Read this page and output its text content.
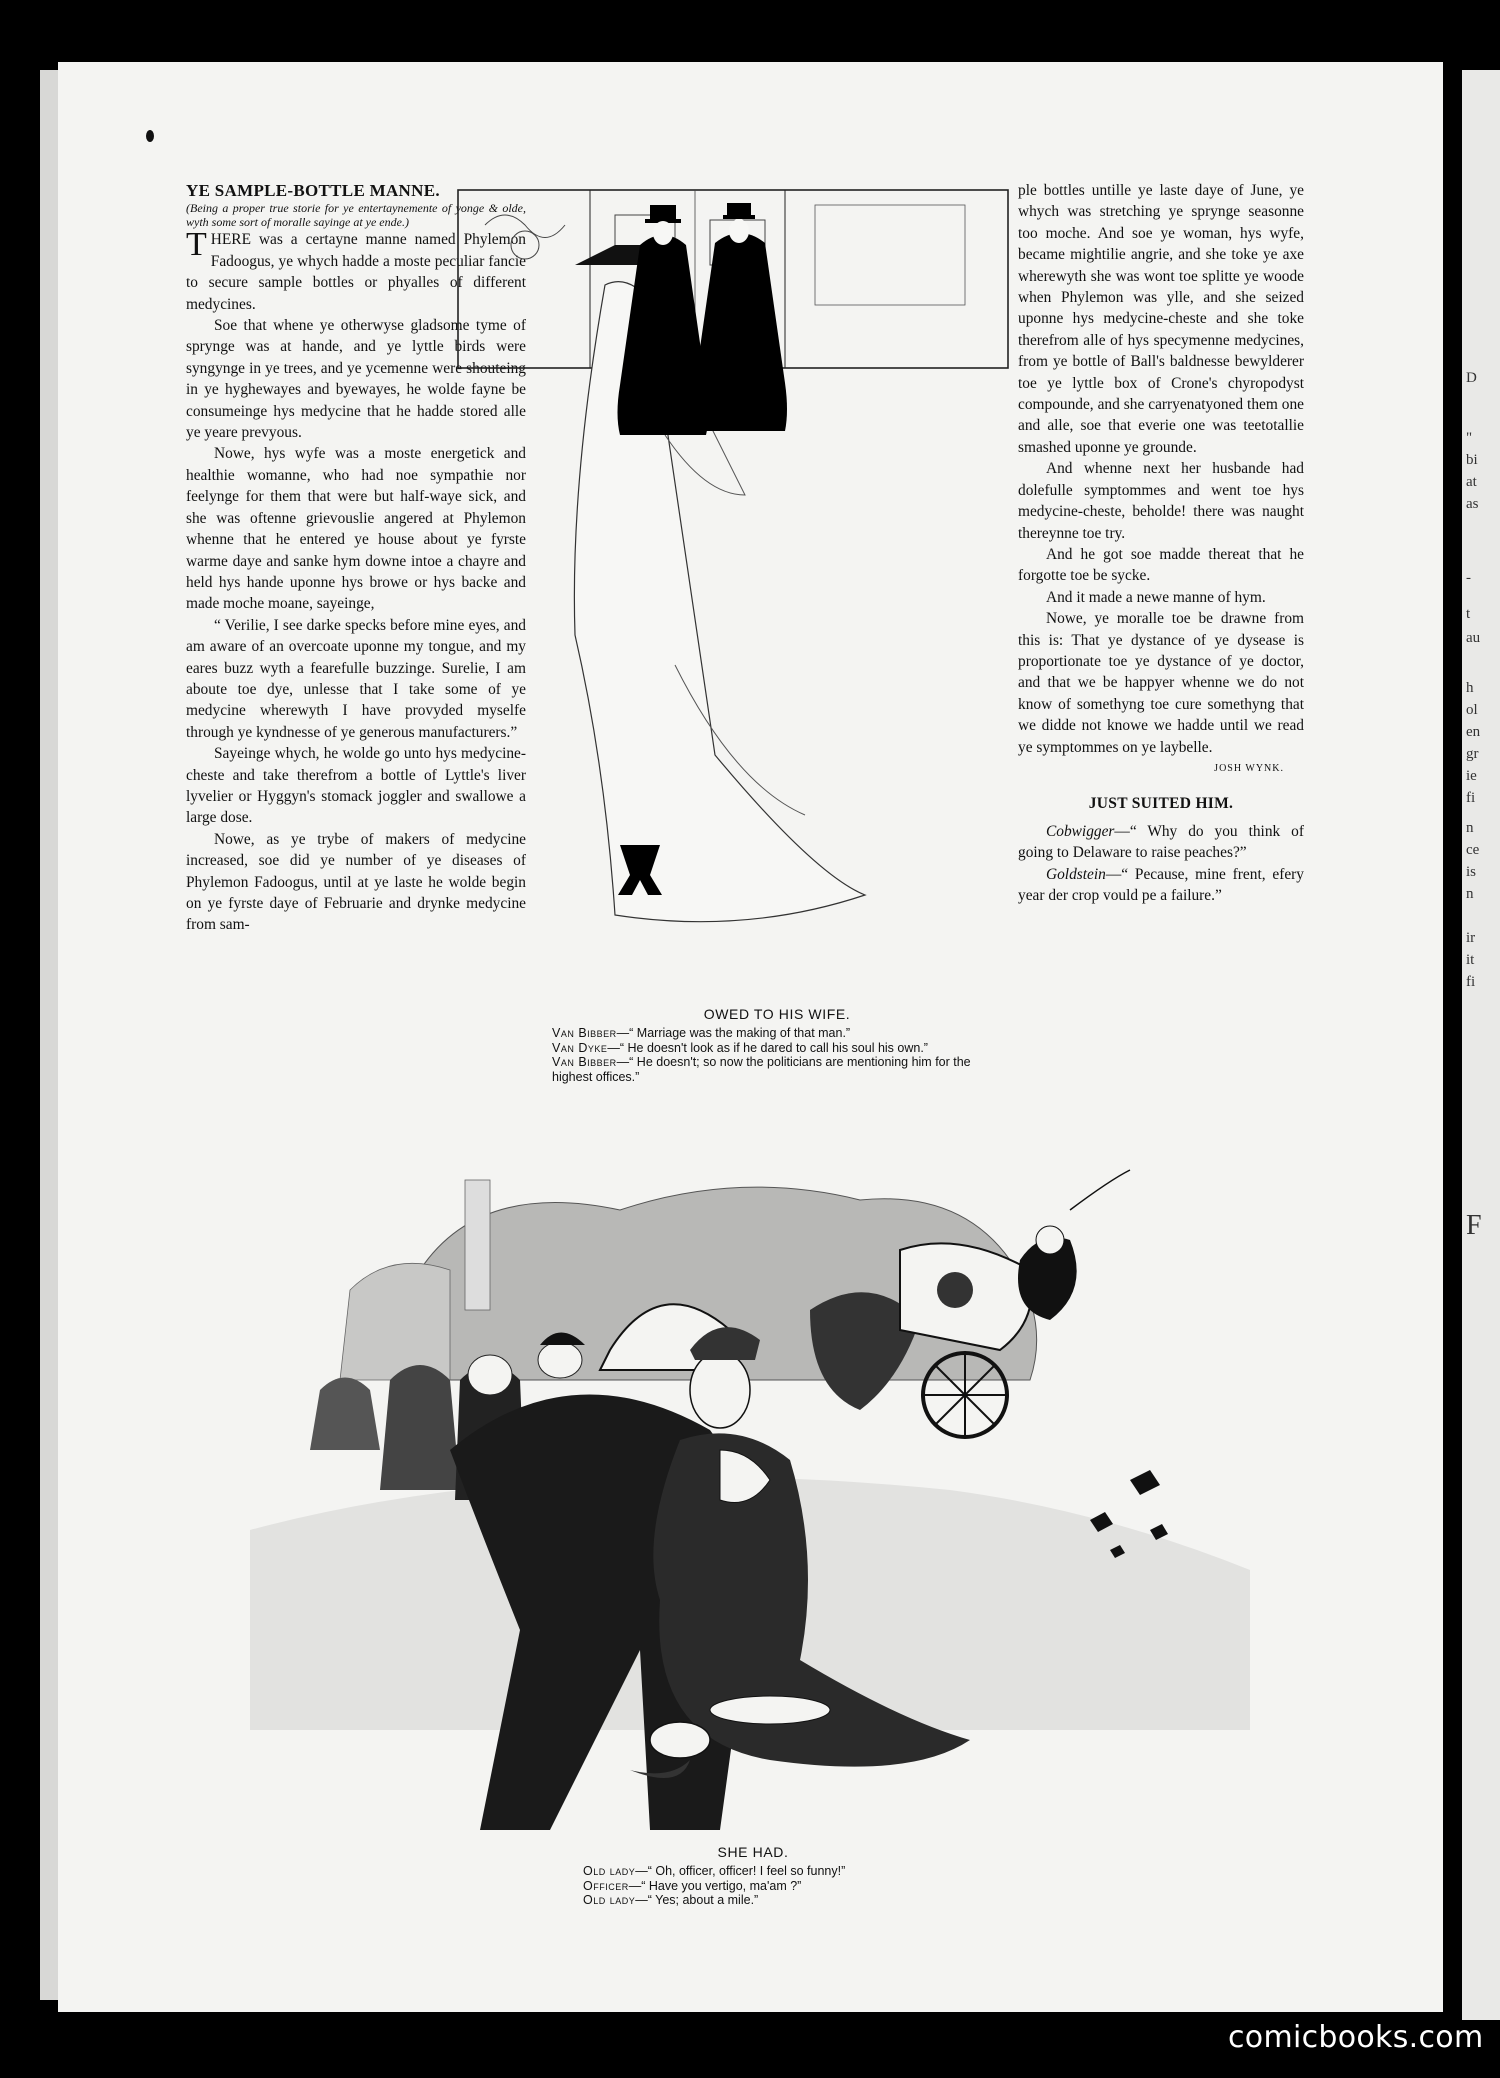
D
"
bi
at
as
-
t
au
h
ol
en
gr
ie
fi
n
ce
is
n
ir
it
fi
F
YE SAMPLE-BOTTLE MANNE.

(Being a proper true storie for ye entertaynemente of yonge & olde, wyth some sort of moralle sayinge at ye ende.)

THERE was a certayne manne named Phylemon Fadoogus, ye whych hadde a moste peculiar fancie to secure sample bottles or phyalles of different medycines.

Soe that whene ye otherwyse gladsome tyme of sprynge was at hande, and ye lyttle birds were syngynge in ye trees, and ye ycemenne were shouteing in ye hyghewayes and byewayes, he wolde fayne be consumeinge hys medycine that he hadde stored alle ye yeare prevyous.

Nowe, hys wyfe was a moste energetick and healthie womanne, who had noe sympathie nor feelynge for them that were but half-waye sick, and she was oftenne grievouslie angered at Phylemon whenne that he entered ye house about ye fyrste warme daye and sanke hym downe intoe a chayre and held hys hande uponne hys browe or hys backe and made moche moane, sayeinge,

“ Verilie, I see darke specks before mine eyes, and am aware of an overcoate uponne my tongue, and my eares buzz wyth a fearefulle buzzinge. Surelie, I am aboute toe dye, unlesse that I take some of ye medycine wherewyth I have provyded myselfe through ye kyndnesse of ye generous manufacturers.”

Sayeinge whych, he wolde go unto hys medycine-cheste and take therefrom a bottle of Lyttle's liver lyvelier or Hyggyn's stomack joggler and swallowe a large dose.

Nowe, as ye trybe of makers of medycine increased, soe did ye number of ye diseases of Phylemon Fadoogus, until at ye laste he wolde begin on ye fyrste daye of Februarie and drynke medycine from sam-

ple bottles untille ye laste daye of June, ye whych was stretching ye sprynge seasonne too moche. And soe ye woman, hys wyfe, became mightilie angrie, and she toke ye axe wherewyth she was wont toe splitte ye woode when Phylemon was ylle, and she seized uponne hys medycine-cheste and she toke therefrom alle of hys specymenne medycines, from ye bottle of Ball's baldnesse bewylderer toe ye lyttle box of Crone's chyropodyst compounde, and she carryenatyoned them one and alle, soe that everie one was teetotallie smashed uponne ye grounde.

And whenne next her husbande had dolefulle symptommes and went toe hys medycine-cheste, beholde! there was naught thereynne toe try.

And he got soe madde thereat that he forgotte toe be sycke.

And it made a newe manne of hym.

Nowe, ye moralle toe be drawne from this is: That ye dystance of ye dysease is proportionate toe ye dystance of ye doctor, and that we be happyer whenne we do not know of somethyng toe cure somethyng that we didde not knowe we hadde until we read ye symptommes on ye laybelle.
JOSH WYNK.

JUST SUITED HIM.

Cobwigger—“ Why do you think of going to Delaware to raise peaches?”

Goldstein—“ Pecause, mine frent, efery year der crop vould pe a failure.”

OWED TO HIS WIFE.
Van Bibber—“ Marriage was the making of that man.”
Van Dyke—“ He doesn't look as if he dared to call his soul his own.”
Van Bibber—“ He doesn't; so now the politicians are mentioning him for the highest offices.”
SHE HAD.
Old lady—“ Oh, officer, officer! I feel so funny!”
Officer—“ Have you vertigo, ma'am ?”
Old lady—“ Yes; about a mile.”
comicbooks.com
